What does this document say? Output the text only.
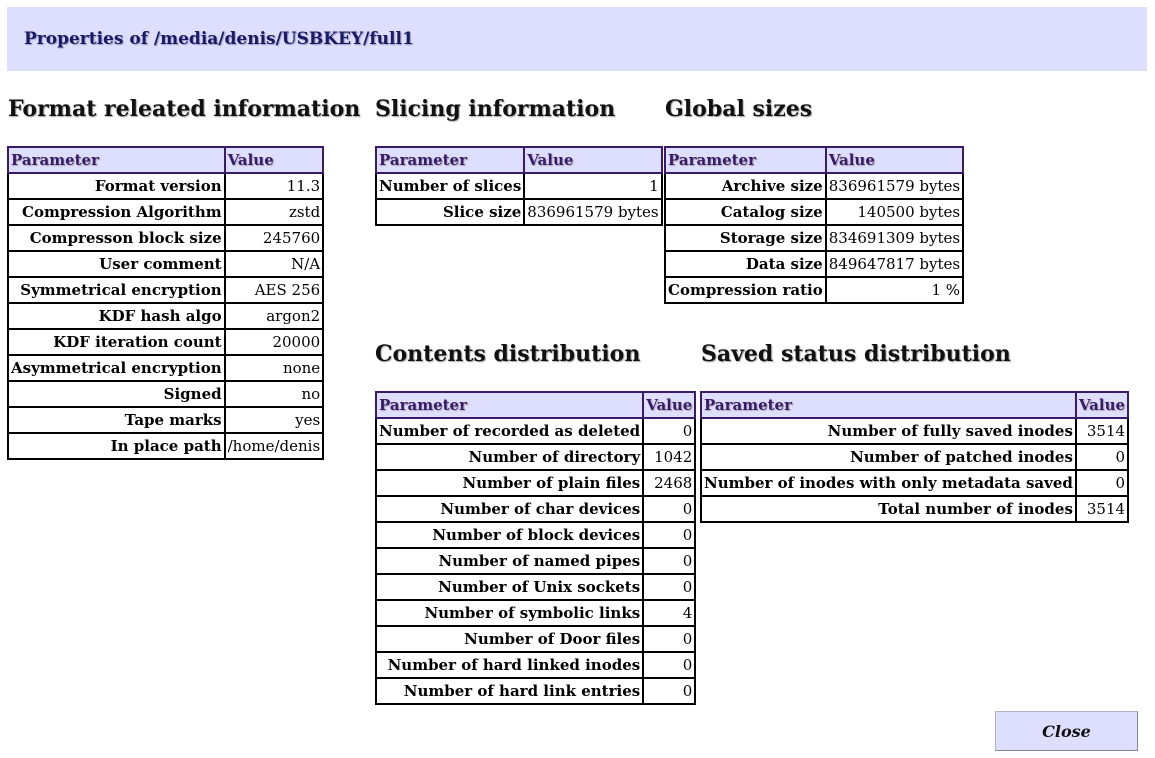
Properties of /media/denis/USBKEY/full1
Format releated information
Parameter	Value
Format version	11.3
Compression Algorithm	zstd
Compresson block size	245760
User comment	N/A
Symmetrical encryption	AES 256
KDF hash algo	argon2
KDF iteration count	20000
Asymmetrical encryption	none
Signed	no
Tape marks	yes
In place path	/home/denis
Slicing information
Parameter	Value
Number of slices	1
Slice size	836961579 bytes
Global sizes
Parameter	Value
Archive size	836961579 bytes
Catalog size	140500 bytes
Storage size	834691309 bytes
Data size	849647817 bytes
Compression ratio	1 %
Contents distribution
Parameter	Value
Number of recorded as deleted	0
Number of directory	1042
Number of plain files	2468
Number of char devices	0
Number of block devices	0
Number of named pipes	0
Number of Unix sockets	0
Number of symbolic links	4
Number of Door files	0
Number of hard linked inodes	0
Number of hard link entries	0
Saved status distribution
Parameter	Value
Number of fully saved inodes	3514
Number of patched inodes	0
Number of inodes with only metadata saved	0
Total number of inodes	3514
Close
